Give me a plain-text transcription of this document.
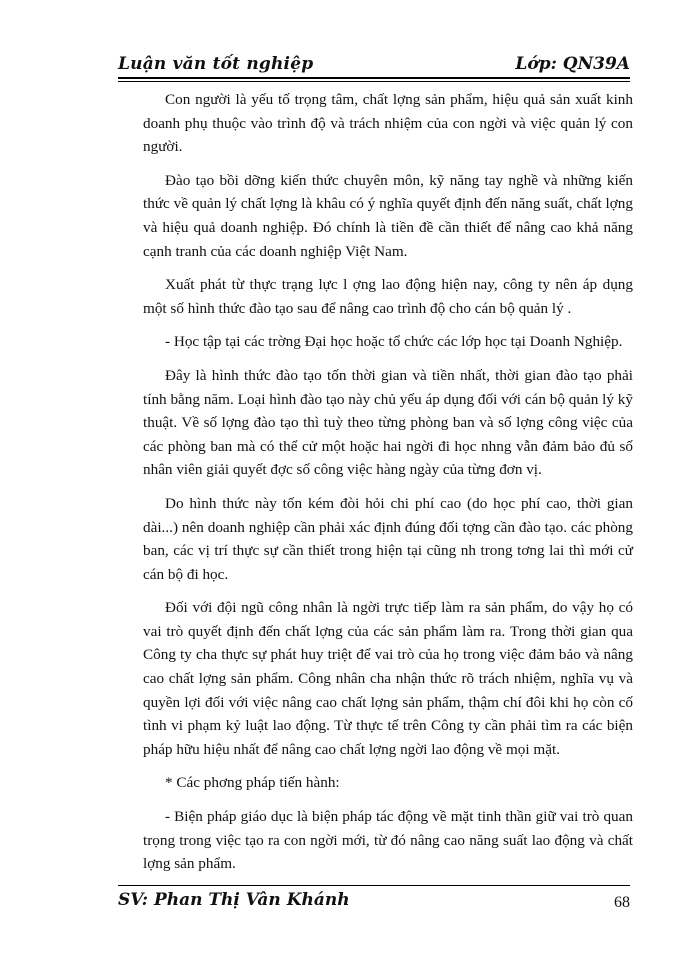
Luận văn tốt nghiệp	Lớp: QN39A

Con người là yếu tố trọng tâm, chất lợng sản phẩm, hiệu quả sản xuất kinh doanh phụ thuộc vào trình độ và trách nhiệm của con ngời và việc quản lý con người.

Đào tạo bồi dỡng kiến thức chuyên môn, kỹ năng tay nghề và những kiến thức về quản lý chất lợng là khâu có ý nghĩa quyết định đến năng suất, chất lợng và hiệu quả doanh nghiệp. Đó chính là tiền đề cần thiết để nâng cao khả năng cạnh tranh của các doanh nghiệp Việt Nam.

Xuất phát từ thực trạng lực l ợng lao động hiện nay, công ty nên áp dụng một số hình thức đào tạo sau để nâng cao trình độ cho cán bộ quản lý .

- Học tập tại các trờng Đại học hoặc tổ chức các lớp học tại Doanh Nghiệp.

Đây là hình thức đào tạo tốn thời gian và tiền nhất, thời gian đào tạo phải tính bằng năm. Loại hình đào tạo này chủ yếu áp dụng đối với cán bộ quản lý kỹ thuật. Về số lợng đào tạo thì tuỳ theo từng phòng ban và số lợng công việc của các phòng ban mà có thể cử một hoặc hai ngời đi học nhng vẫn đảm bảo đủ số nhân viên giải quyết đợc số công việc hàng ngày của từng đơn vị.

Do hình thức này tốn kém đòi hỏi chi phí cao (do học phí cao, thời gian dài...) nên doanh nghiệp cần phải xác định đúng đối tợng cần đào tạo. các phòng ban, các vị trí thực sự cần thiết trong hiện tại cũng nh trong tơng lai thì mới cử cán bộ đi học.

Đối với đội ngũ công nhân là ngời trực tiếp làm ra sản phẩm, do vậy họ có vai trò quyết định đến chất lợng của các sản phẩm làm ra. Trong thời gian qua Công ty cha thực sự phát huy triệt để vai trò của họ trong việc đảm bảo và nâng cao chất lợng sản phẩm. Công nhân cha nhận thức rõ trách nhiệm, nghĩa vụ và quyền lợi đối với việc nâng cao chất lợng sản phẩm, thậm chí đôi khi họ còn cố tình vi phạm kỷ luật lao động. Từ thực tế trên Công ty cần phải tìm ra các biện pháp hữu hiệu nhất để nâng cao chất lợng ngời lao động về mọi mặt.

* Các phơng pháp tiến hành:

- Biện pháp giáo dục là biện pháp tác động về mặt tinh thần giữ vai trò quan trọng trong việc tạo ra con ngời mới, từ đó nâng cao năng suất lao động và chất lợng sản phẩm.

SV: Phan Thị Vân Khánh	68
